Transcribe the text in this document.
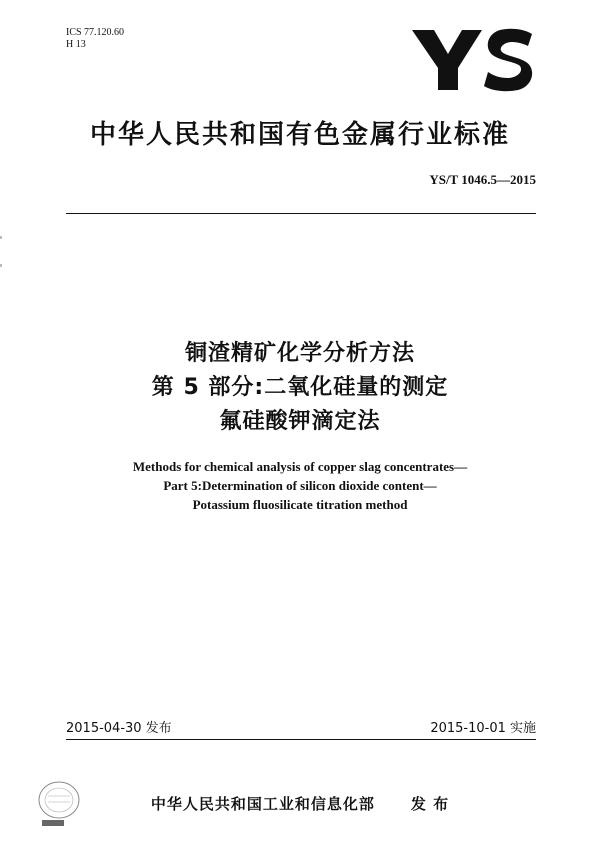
ICS 77.120.60
H 13
中华人民共和国有色金属行业标准
YS/T 1046.5—2015
铜渣精矿化学分析方法
第 5 部分:二氧化硅量的测定
氟硅酸钾滴定法
Methods for chemical analysis of copper slag concentrates—
Part 5:Determination of silicon dioxide content—
Potassium fluosilicate titration method
2015-04-30 发布	2015-10-01 实施
中华人民共和国工业和信息化部 发 布
